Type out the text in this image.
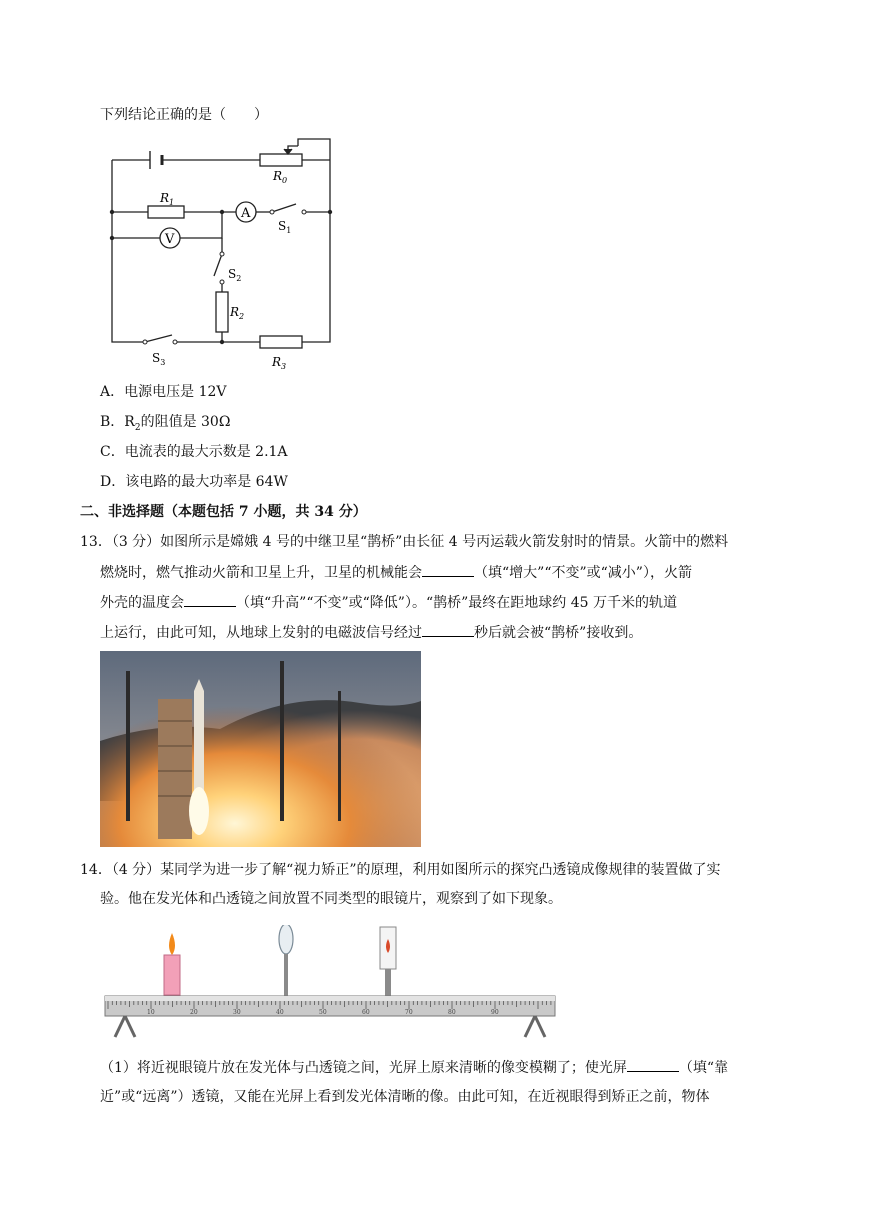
下列结论正确的是（　　）
$R_0$
$R_1$
A
V
$S_1$
$S_2$
$R_2$
$S_3$	$R_3$
A．电源电压是 12V
B．$R_2$的阻值是 30Ω
C．电流表的最大示数是 2.1A
D．该电路的最大功率是 64W
二、非选择题（本题包括 7 小题，共 34 分）
13．（3 分）如图所示是嫦娥 4 号的中继卫星“鹊桥”由长征 4 号丙运载火箭发射时的情景。火箭中的燃料
燃烧时，燃气推动火箭和卫星上升，卫星的机械能会	（填“增大”“不变”或“减小”），火箭
外壳的温度会	（填“升高”“不变”或“降低”）。“鹊桥”最终在距地球约 45 万千米的轨道
上运行，由此可知，从地球上发射的电磁波信号经过	秒后就会被“鹊桥”接收到。
14．（4 分）某同学为进一步了解“视力矫正”的原理，利用如图所示的探究凸透镜成像规律的装置做了实
验。他在发光体和凸透镜之间放置不同类型的眼镜片，观察到了如下现象。
10	20	30	40	50	60	70	80	90
（1）将近视眼镜片放在发光体与凸透镜之间，光屏上原来清晰的像变模糊了；使光屏	（填“靠
近”或“远离”）透镜，又能在光屏上看到发光体清晰的像。由此可知，在近视眼得到矫正之前，物体
